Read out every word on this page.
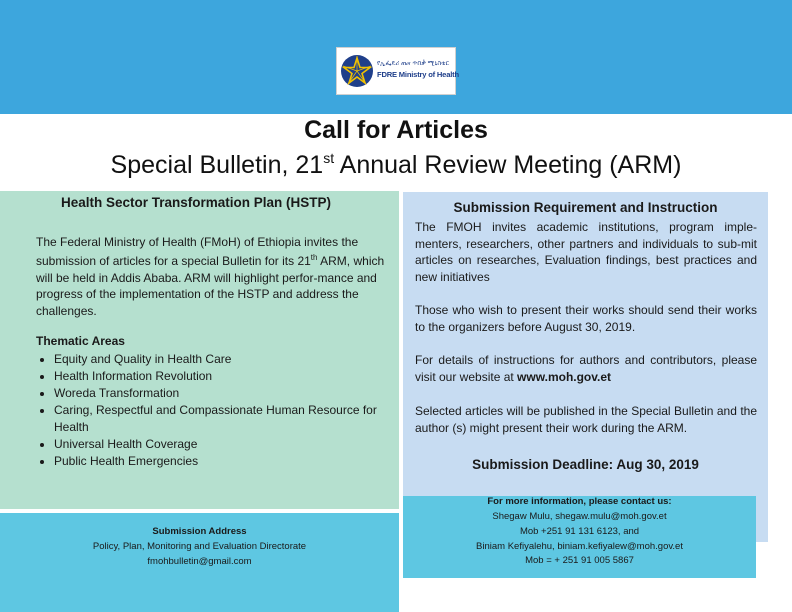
የኢፌዴሪ ጤና ጥበቃ ሚኒስቴር
FDRE Ministry of Health
Call for Articles
Special Bulletin, 21st Annual Review Meeting (ARM)
Health Sector Transformation Plan (HSTP)
The Federal Ministry of Health (FMoH) of Ethiopia invites the submission of articles for a special Bulletin for its 21th ARM, which will be held in Addis Ababa. ARM will highlight perfor-mance and progress of the implementation of the HSTP and address the challenges.
Thematic Areas
• Equity and Quality in Health Care
• Health Information Revolution
• Woreda Transformation
• Caring, Respectful and Compassionate Human Resource for Health
• Universal Health Coverage
• Public Health Emergencies
Submission Requirement and Instruction

The FMOH invites academic institutions, program imple-menters, researchers, other partners and individuals to sub-mit articles on researches, Evaluation findings, best practices and new initiatives

Those who wish to present their works should send their works to the organizers before August 30, 2019.

For details of instructions for authors and contributors, please visit our website at www.moh.gov.et

Selected articles will be published in the Special Bulletin and the author (s) might present their work during the ARM.

Submission Deadline: Aug 30, 2019
Submission Address
Policy, Plan, Monitoring and Evaluation Directorate
fmohbulletin@gmail.com
For more information, please contact us:
Shegaw Mulu, shegaw.mulu@moh.gov.et
Mob +251 91 131 6123, and
Biniam Kefiyalehu, biniam.kefiyalew@moh.gov.et
Mob = + 251 91 005 5867
